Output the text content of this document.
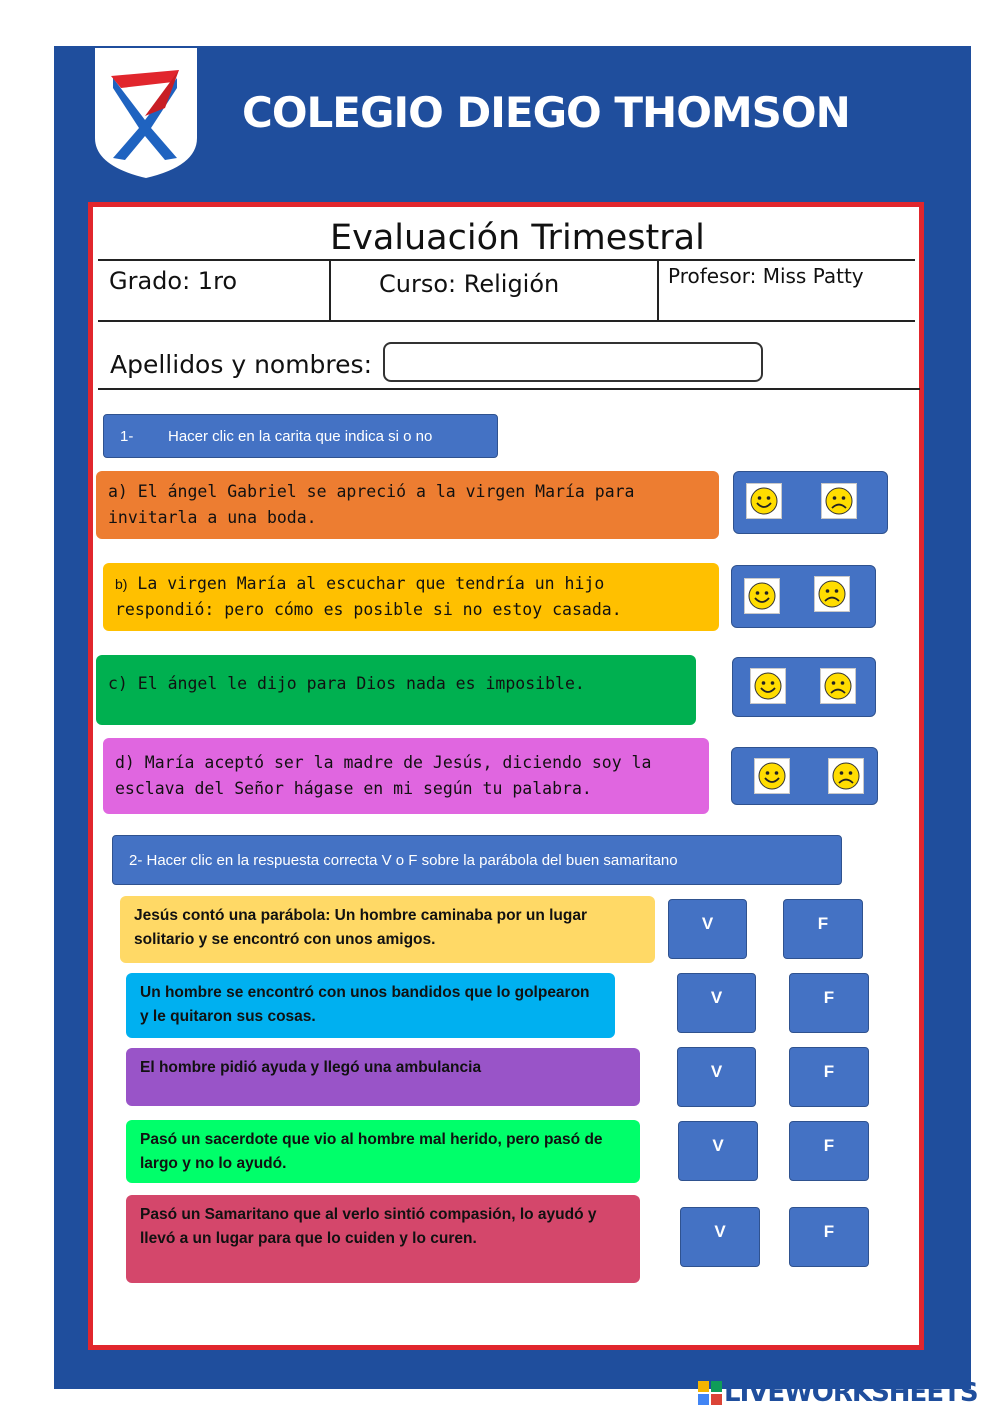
COLEGIO DIEGO THOMSON
Evaluación Trimestral
Grado: 1ro	Curso: Religión	Profesor: Miss Patty
Apellidos y nombres:
1-	Hacer clic en la carita que indica si o no
a) El ángel Gabriel se apreció a la virgen María para invitarla a una boda.
b) La virgen María al escuchar que tendría un hijo respondió: pero cómo es posible si no estoy casada.
c) El ángel le dijo para Dios nada es imposible.
d) María aceptó ser la madre de Jesús, diciendo soy la esclava del Señor hágase en mi según tu palabra.
2- Hacer clic en la respuesta correcta V o F sobre la parábola del buen samaritano
Jesús contó una parábola: Un hombre caminaba por un lugar solitario y se encontró con unos amigos.
Un hombre se encontró con unos bandidos que lo golpearon y le quitaron sus cosas.
El hombre pidió ayuda y llegó una ambulancia
Pasó un sacerdote que vio al hombre mal herido, pero pasó de largo y no lo ayudó.
Pasó un Samaritano que al verlo sintió compasión, lo ayudó y llevó a un lugar para que lo cuiden y lo curen.
V	F
V	F
V	F
V	F
V	F
LIVEWORKSHEETS
